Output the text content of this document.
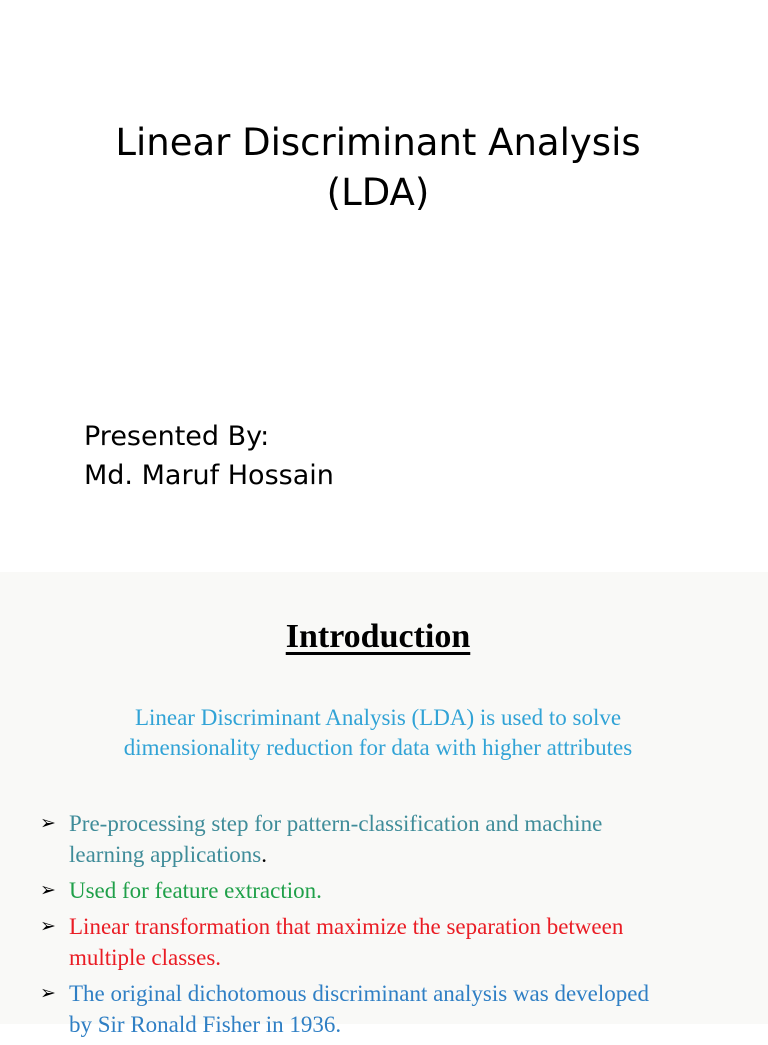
Linear Discriminant Analysis
(LDA)
Presented By:
Md. Maruf Hossain
Introduction
Linear Discriminant Analysis (LDA) is used to solve
dimensionality reduction for data with higher attributes
➢ Pre-processing step for pattern-classification and machine
learning applications.
➢ Used for feature extraction.
➢ Linear transformation that maximize the separation between
multiple classes.
➢ The original dichotomous discriminant analysis was developed
by Sir Ronald Fisher in 1936.
